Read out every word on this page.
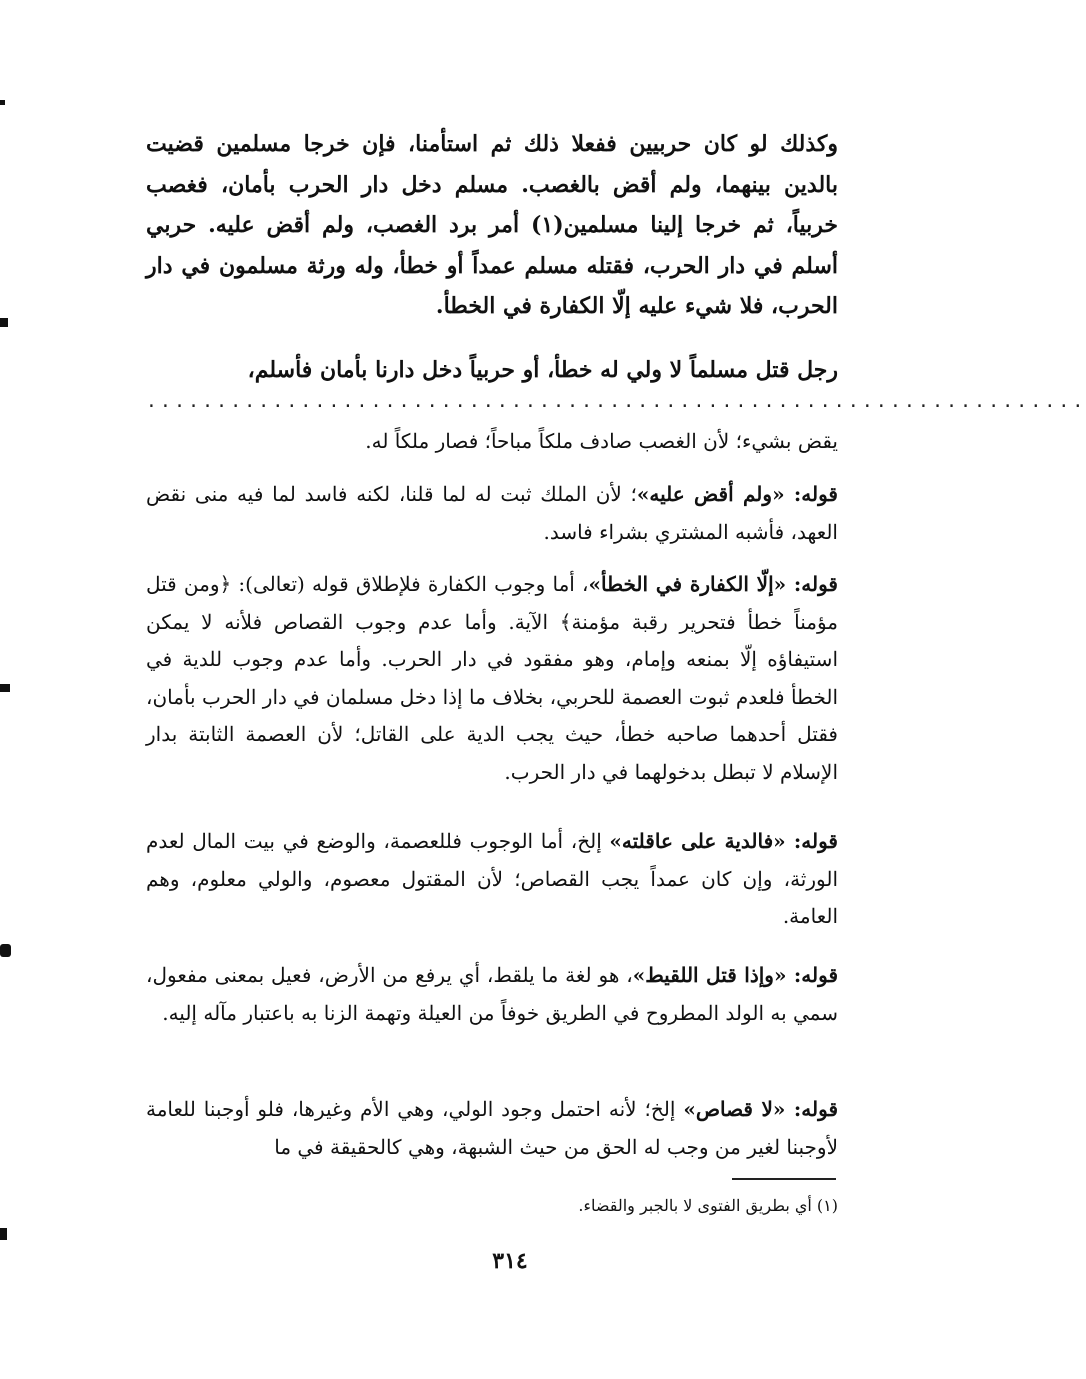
وكذلك لو كان حربيين ففعلا ذلك ثم استأمنا، فإن خرجا مسلمين قضيت بالدين بينهما، ولم أقض بالغصب. مسلم دخل دار الحرب بأمان، فغصب خربياً، ثم خرجا إلينا مسلمين(١) أمر برد الغصب، ولم أقض عليه. حربي أسلم في دار الحرب، فقتله مسلم عمداً أو خطأ، وله ورثة مسلمون في دار الحرب، فلا شيء عليه إلّا الكفارة في الخطأ.
رجل قتل مسلماً لا ولي له خطأ، أو حربياً دخل دارنا بأمان فأسلم،
...................................................................
يقض بشيء؛ لأن الغصب صادف ملكاً مباحاً؛ فصار ملكاً له.
قوله: «ولم أقض عليه»؛ لأن الملك ثبت له لما قلنا، لكنه فاسد لما فيه منى نقض العهد، فأشبه المشتري بشراء فاسد.
قوله: «إلّا الكفارة في الخطأ»، أما وجوب الكفارة فلإطلاق قوله (تعالى): ﴿ومن قتل مؤمناً خطأ فتحرير رقبة مؤمنة﴾ الآية. وأما عدم وجوب القصاص فلأنه لا يمكن استيفاؤه إلّا بمنعه وإمام، وهو مفقود في دار الحرب. وأما عدم وجوب للدية في الخطأ فلعدم ثبوت العصمة للحربي، بخلاف ما إذا دخل مسلمان في دار الحرب بأمان، فقتل أحدهما صاحبه خطأ، حيث يجب الدية على القاتل؛ لأن العصمة الثابتة بدار الإسلام لا تبطل بدخولهما في دار الحرب.
قوله: «فالدية على عاقلته» إلخ، أما الوجوب فللعصمة، والوضع في بيت المال لعدم الورثة، وإن كان عمداً يجب القصاص؛ لأن المقتول معصوم، والولي معلوم، وهم العامة.
قوله: «وإذا قتل اللقيط»، هو لغة ما يلقط، أي يرفع من الأرض، فعيل بمعنى مفعول، سمي به الولد المطروح في الطريق خوفاً من العيلة وتهمة الزنا به باعتبار مآله إليه.
قوله: «لا قصاص» إلخ؛ لأنه احتمل وجود الولي، وهي الأم وغيرها، فلو أوجبنا للعامة لأوجبنا لغير من وجب له الحق من حيث الشبهة، وهي كالحقيقة في ما
(١) أي بطريق الفتوى لا بالجبر والقضاء.
٣١٤
